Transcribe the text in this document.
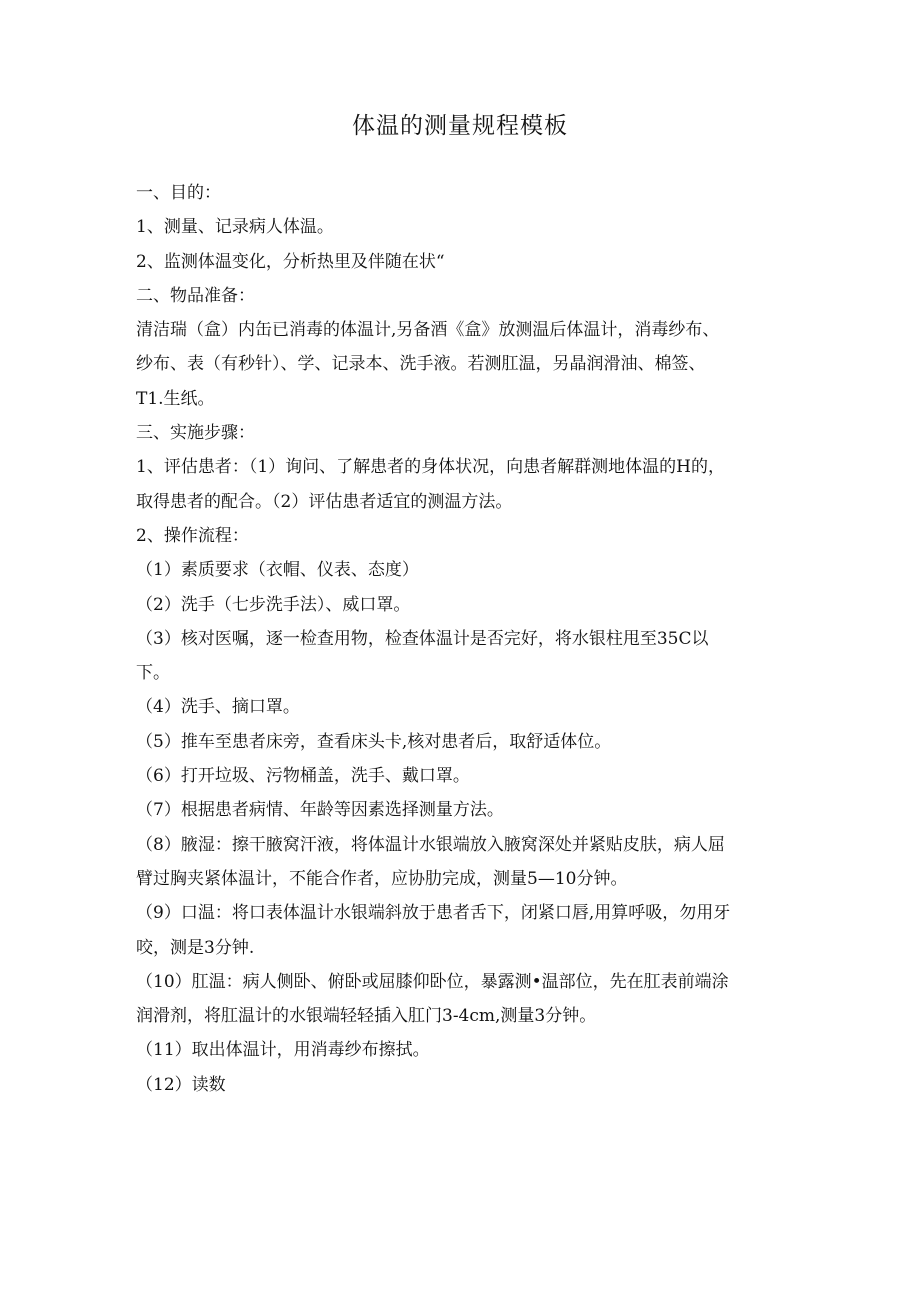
体温的测量规程模板
一、目的：
1、测量、记录病人体温。
2、监测体温变化，分析热里及伴随在状“
二、物品准备：
清洁瑞（盒）内缶已消毒的体温计,另备酒《盒》放测温后体温计，消毒纱布、
纱布、表（有秒针）、学、记录本、洗手液。若测肛温，另晶润滑油、棉签、
T1.生纸。
三、实施步骤：
1、评估患者：（1）询问、了解患者的身体状况，向患者解群测地体温的H的，
取得患者的配合。（2）评估患者适宜的测温方法。
2、操作流程：
（1）素质要求（衣帽、仪表、态度）
（2）洗手（七步洗手法）、威口罩。
（3）核对医嘱，逐一检查用物，检查体温计是否完好，将水银柱甩至35C以
下。
（4）洗手、摘口罩。
（5）推车至患者床旁，查看床头卡,核对患者后，取舒适体位。
（6）打开垃圾、污物桶盖，洗手、戴口罩。
（7）根据患者病情、年龄等因素选择测量方法。
（8）腋湿：擦干腋窝汗液，将体温计水银端放入腋窝深处并紧贴皮肤，病人屈
臂过胸夹紧体温计，不能合作者，应协肋完成，测量5—10分钟。
（9）口温：将口表体温计水银端斜放于患者舌下，闭紧口唇,用算呼吸，勿用牙
咬，测是3分钟.
（10）肛温：病人侧卧、俯卧或屈膝仰卧位，暴露测•温部位，先在肛表前端涂
润滑剂，将肛温计的水银端轻轻插入肛门3-4cm,测量3分钟。
（11）取出体温计，用消毒纱布擦拭。
（12）读数
